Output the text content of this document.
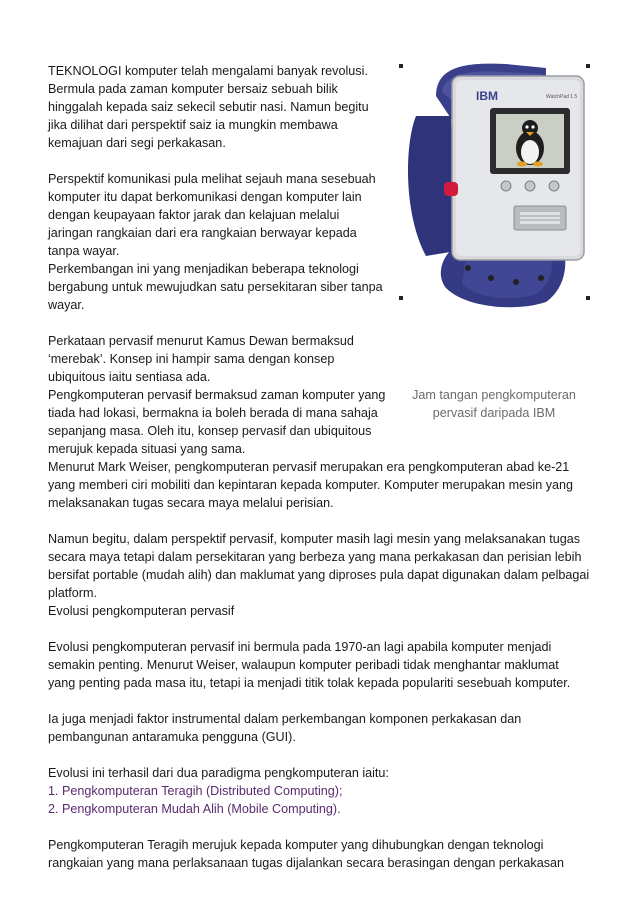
TEKNOLOGI komputer telah mengalami banyak revolusi.
Bermula pada zaman komputer bersaiz sebuah bilik
hinggalah kepada saiz sekecil sebutir nasi. Namun begitu
jika dilihat dari perspektif saiz ia mungkin membawa
kemajuan dari segi perkakasan.
Perspektif komunikasi pula melihat sejauh mana sesebuah
komputer itu dapat berkomunikasi dengan komputer lain
dengan keupayaan faktor jarak dan kelajuan melalui
jaringan rangkaian dari era rangkaian berwayar kepada
tanpa wayar.
Perkembangan ini yang menjadikan beberapa teknologi
bergabung untuk mewujudkan satu persekitaran siber tanpa
wayar.
Perkataan pervasif menurut Kamus Dewan bermaksud
‘merebak’. Konsep ini hampir sama dengan konsep
ubiquitous iaitu sentiasa ada.
Pengkomputeran pervasif bermaksud zaman komputer yang
tiada had lokasi, bermakna ia boleh berada di mana sahaja
sepanjang masa. Oleh itu, konsep pervasif dan ubiquitous
merujuk kepada situasi yang sama.
Menurut Mark Weiser, pengkomputeran pervasif merupakan era pengkomputeran abad ke-21
yang memberi ciri mobiliti dan kepintaran kepada komputer. Komputer merupakan mesin yang
melaksanakan tugas secara maya melalui perisian.
Namun begitu, dalam perspektif pervasif, komputer masih lagi mesin yang melaksanakan tugas
secara maya tetapi dalam persekitaran yang berbeza yang mana perkakasan dan perisian lebih
bersifat portable (mudah alih) dan maklumat yang diproses pula dapat digunakan dalam pelbagai
platform.
Evolusi pengkomputeran pervasif
Evolusi pengkomputeran pervasif ini bermula pada 1970-an lagi apabila komputer menjadi
semakin penting. Menurut Weiser, walaupun komputer peribadi tidak menghantar maklumat
yang penting pada masa itu, tetapi ia menjadi titik tolak kepada populariti sesebuah komputer.
Ia juga menjadi faktor instrumental dalam perkembangan komponen perkakasan dan
pembangunan antaramuka pengguna (GUI).
Evolusi ini terhasil dari dua paradigma pengkomputeran iaitu:
1. Pengkomputeran Teragih (Distributed Computing);
2. Pengkomputeran Mudah Alih (Mobile Computing).
Pengkomputeran Teragih merujuk kepada komputer yang dihubungkan dengan teknologi
rangkaian yang mana perlaksanaan tugas dijalankan secara berasingan dengan perkakasan
IBM	WatchPad 1.5
Jam tangan pengkomputeran
pervasif daripada IBM
